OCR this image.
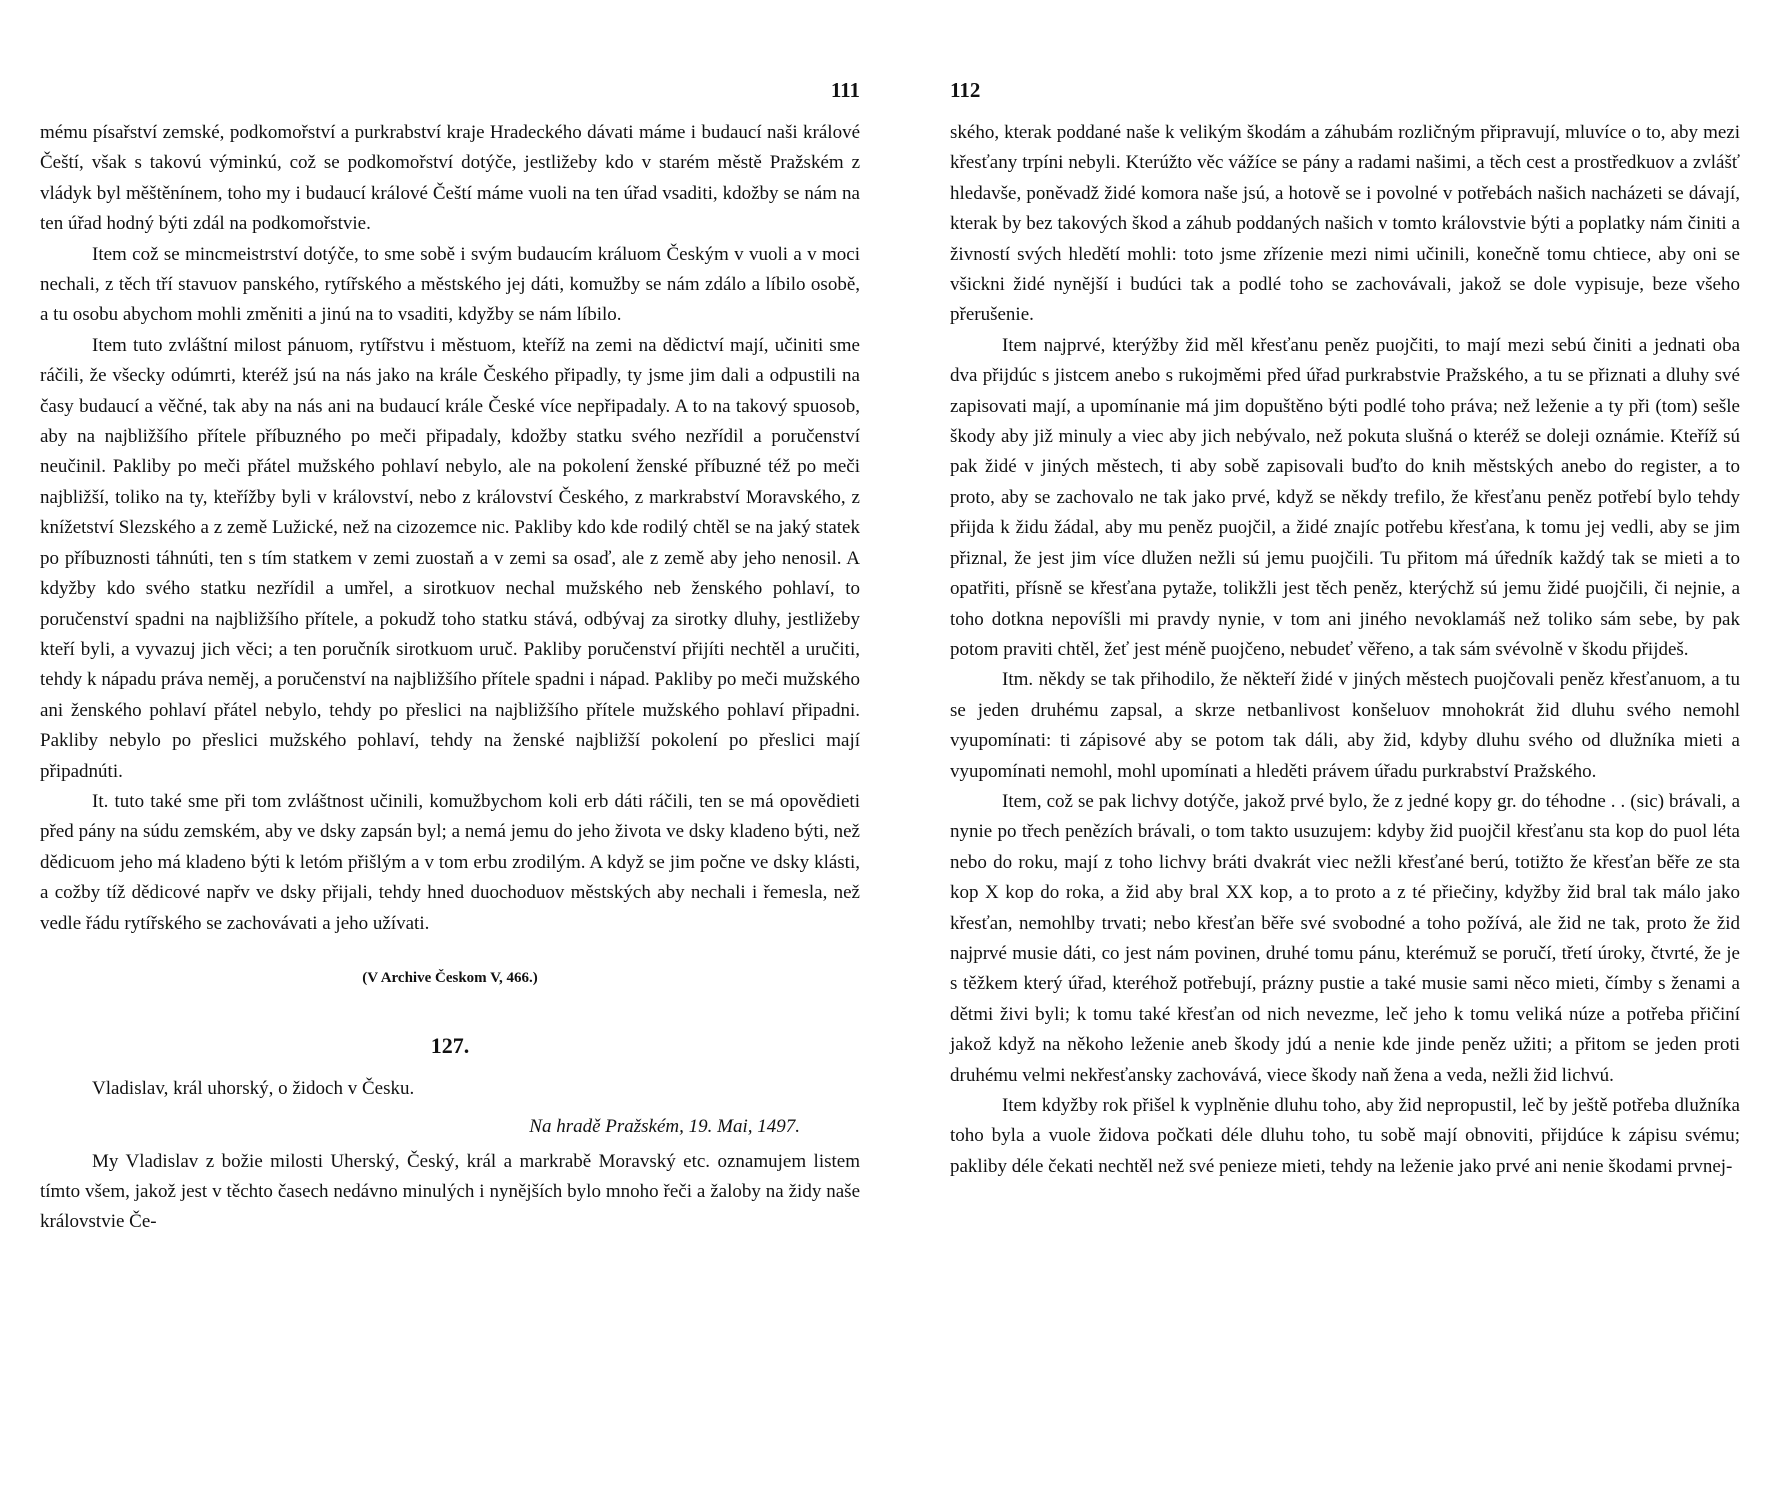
111

mému písařství zemské, podkomořství a purkrabství kraje Hradeckého dávati máme i budaucí naši králové Čeští, však s takovú výminkú, což se podkomořství dotýče, jestližeby kdo v starém městě Pražském z vládyk byl měštěnínem, toho my i budaucí králové Čeští máme vuoli na ten úřad vsaditi, kdožby se nám na ten úřad hodný býti zdál na podkomořstvie.

Item což se mincmeistrství dotýče, to sme sobě i svým budaucím králuom Českým v vuoli a v moci nechali, z těch tří stavuov panského, rytířského a městského jej dáti, komužby se nám zdálo a líbilo osobě, a tu osobu abychom mohli změniti a jinú na to vsaditi, kdyžby se nám líbilo.

Item tuto zvláštní milost pánuom, rytířstvu i městuom, kteříž na zemi na dědictví mají, učiniti sme ráčili, že všecky odúmrti, kteréž jsú na nás jako na krále Českého připadly, ty jsme jim dali a odpustili na časy budaucí a věčné, tak aby na nás ani na budaucí krále České více nepřipadaly. A to na takový spuosob, aby na najbližšího přítele příbuzného po meči připadaly, kdožby statku svého nezřídil a poručenství neučinil. Pakliby po meči přátel mužského pohlaví nebylo, ale na pokolení ženské příbuzné též po meči najbližší, toliko na ty, kteřížby byli v království, nebo z království Českého, z markrabství Moravského, z knížetství Slezského a z země Lužické, než na cizozemce nic. Pakliby kdo kde rodilý chtěl se na jaký statek po příbuznosti táhnúti, ten s tím statkem v zemi zuostaň a v zemi sa osaď, ale z země aby jeho nenosil. A kdyžby kdo svého statku nezřídil a umřel, a sirotkuov nechal mužského neb ženského pohlaví, to poručenství spadni na najbližšího přítele, a pokudž toho statku stává, odbývaj za sirotky dluhy, jestližeby kteří byli, a vyvazuj jich věci; a ten poručník sirotkuom uruč. Pakliby poručenství přijíti nechtěl a uručiti, tehdy k nápadu práva neměj, a poručenství na najbližšího přítele spadni i nápad. Pakliby po meči mužského ani ženského pohlaví přátel nebylo, tehdy po přeslici na najbližšího přítele mužského pohlaví připadni. Pakliby nebylo po přeslici mužského pohlaví, tehdy na ženské najbližší pokolení po přeslici mají připadnúti.

It. tuto také sme při tom zvláštnost učinili, komužbychom koli erb dáti ráčili, ten se má opovědieti před pány na súdu zemském, aby ve dsky zapsán byl; a nemá jemu do jeho života ve dsky kladeno býti, než dědicuom jeho má kladeno býti k letóm přišlým a v tom erbu zrodilým. A když se jim počne ve dsky klásti, a cožby tíž dědicové napřv ve dsky přijali, tehdy hned duochoduov městských aby nechali i řemesla, než vedle řádu rytířského se zachovávati a jeho užívati.

(V Archive Českom V, 466.)
127.

Vladislav, král uhorský, o židoch v Česku.

Na hradě Pražském, 19. Mai, 1497.

My Vladislav z božie milosti Uherský, Český, král a markrabě Moravský etc. oznamujem listem tímto všem, jakož jest v těchto časech nedávno minulých i nynějších bylo mnoho řeči a žaloby na židy naše královstvie Če-

112

ského, kterak poddané naše k velikým škodám a záhubám rozličným připravují, mluvíce o to, aby mezi křesťany trpíni nebyli. Kterúžto věc vážíce se pány a radami našimi, a těch cest a prostředkuov a zvlášť hledavše, poněvadž židé komora naše jsú, a hotově se i povolné v potřebách našich nacházeti se dávají, kterak by bez takových škod a záhub poddaných našich v tomto královstvie býti a poplatky nám činiti a živností svých hledětí mohli: toto jsme zřízenie mezi nimi učinili, konečně tomu chtiece, aby oni se všickni židé nynější i budúci tak a podlé toho se zachovávali, jakož se dole vypisuje, beze všeho přerušenie.

Item najprvé, kterýžby žid měl křesťanu peněz puojčiti, to mají mezi sebú činiti a jednati oba dva přijdúc s jistcem anebo s rukojměmi před úřad purkrabstvie Pražského, a tu se přiznati a dluhy své zapisovati mají, a upomínanie má jim dopuštěno býti podlé toho práva; než leženie a ty při (tom) sešle škody aby již minuly a viec aby jich nebývalo, než pokuta slušná o kteréž se doleji oznámie. Kteříž sú pak židé v jiných městech, ti aby sobě zapisovali buďto do knih městských anebo do register, a to proto, aby se zachovalo ne tak jako prvé, když se někdy trefilo, že křesťanu peněz potřebí bylo tehdy přijda k židu žádal, aby mu peněz puojčil, a židé znajíc potřebu křesťana, k tomu jej vedli, aby se jim přiznal, že jest jim více dlužen nežli sú jemu puojčili. Tu přitom má úředník každý tak se mieti a to opatřiti, přísně se křesťana pytaže, tolikžli jest těch peněz, kterýchž sú jemu židé puojčili, či nejnie, a toho dotkna nepovíšli mi pravdy nynie, v tom ani jiného nevoklamáš než toliko sám sebe, by pak potom praviti chtěl, žeť jest méně puojčeno, nebudeť věřeno, a tak sám svévolně v škodu přijdeš.

Itm. někdy se tak přihodilo, že někteří židé v jiných městech puojčovali peněz křesťanuom, a tu se jeden druhému zapsal, a skrze netbanlivost konšeluov mnohokrát žid dluhu svého nemohl vyupomínati: ti zápisové aby se potom tak dáli, aby žid, kdyby dluhu svého od dlužníka mieti a vyupomínati nemohl, mohl upomínati a hleděti právem úřadu purkrabství Pražského.

Item, což se pak lichvy dotýče, jakož prvé bylo, že z jedné kopy gr. do téhodne . . (sic) brávali, a nynie po třech penězích brávali, o tom takto usuzujem: kdyby žid puojčil křesťanu sta kop do puol léta nebo do roku, mají z toho lichvy bráti dvakrát viec nežli křesťané berú, totižto že křesťan běře ze sta kop X kop do roka, a žid aby bral XX kop, a to proto a z té přiečiny, kdyžby žid bral tak málo jako křesťan, nemohlby trvati; nebo křesťan běře své svobodné a toho požívá, ale žid ne tak, proto že žid najprvé musie dáti, co jest nám povinen, druhé tomu pánu, kterémuž se poručí, třetí úroky, čtvrté, že je s těžkem který úřad, kteréhož potřebují, prázny pustie a také musie sami něco mieti, čímby s ženami a dětmi živi byli; k tomu také křesťan od nich nevezme, leč jeho k tomu veliká núze a potřeba přičiní jakož když na někoho leženie aneb škody jdú a nenie kde jinde peněz užiti; a přitom se jeden proti druhému velmi nekřesťansky zachovává, viece škody naň žena a veda, nežli žid lichvú.

Item kdyžby rok přišel k vyplněnie dluhu toho, aby žid nepropustil, leč by ještě potřeba dlužníka toho byla a vuole židova počkati déle dluhu toho, tu sobě mají obnoviti, přijdúce k zápisu svému; pakliby déle čekati nechtěl než své penieze mieti, tehdy na leženie jako prvé ani nenie škodami prvnej-
